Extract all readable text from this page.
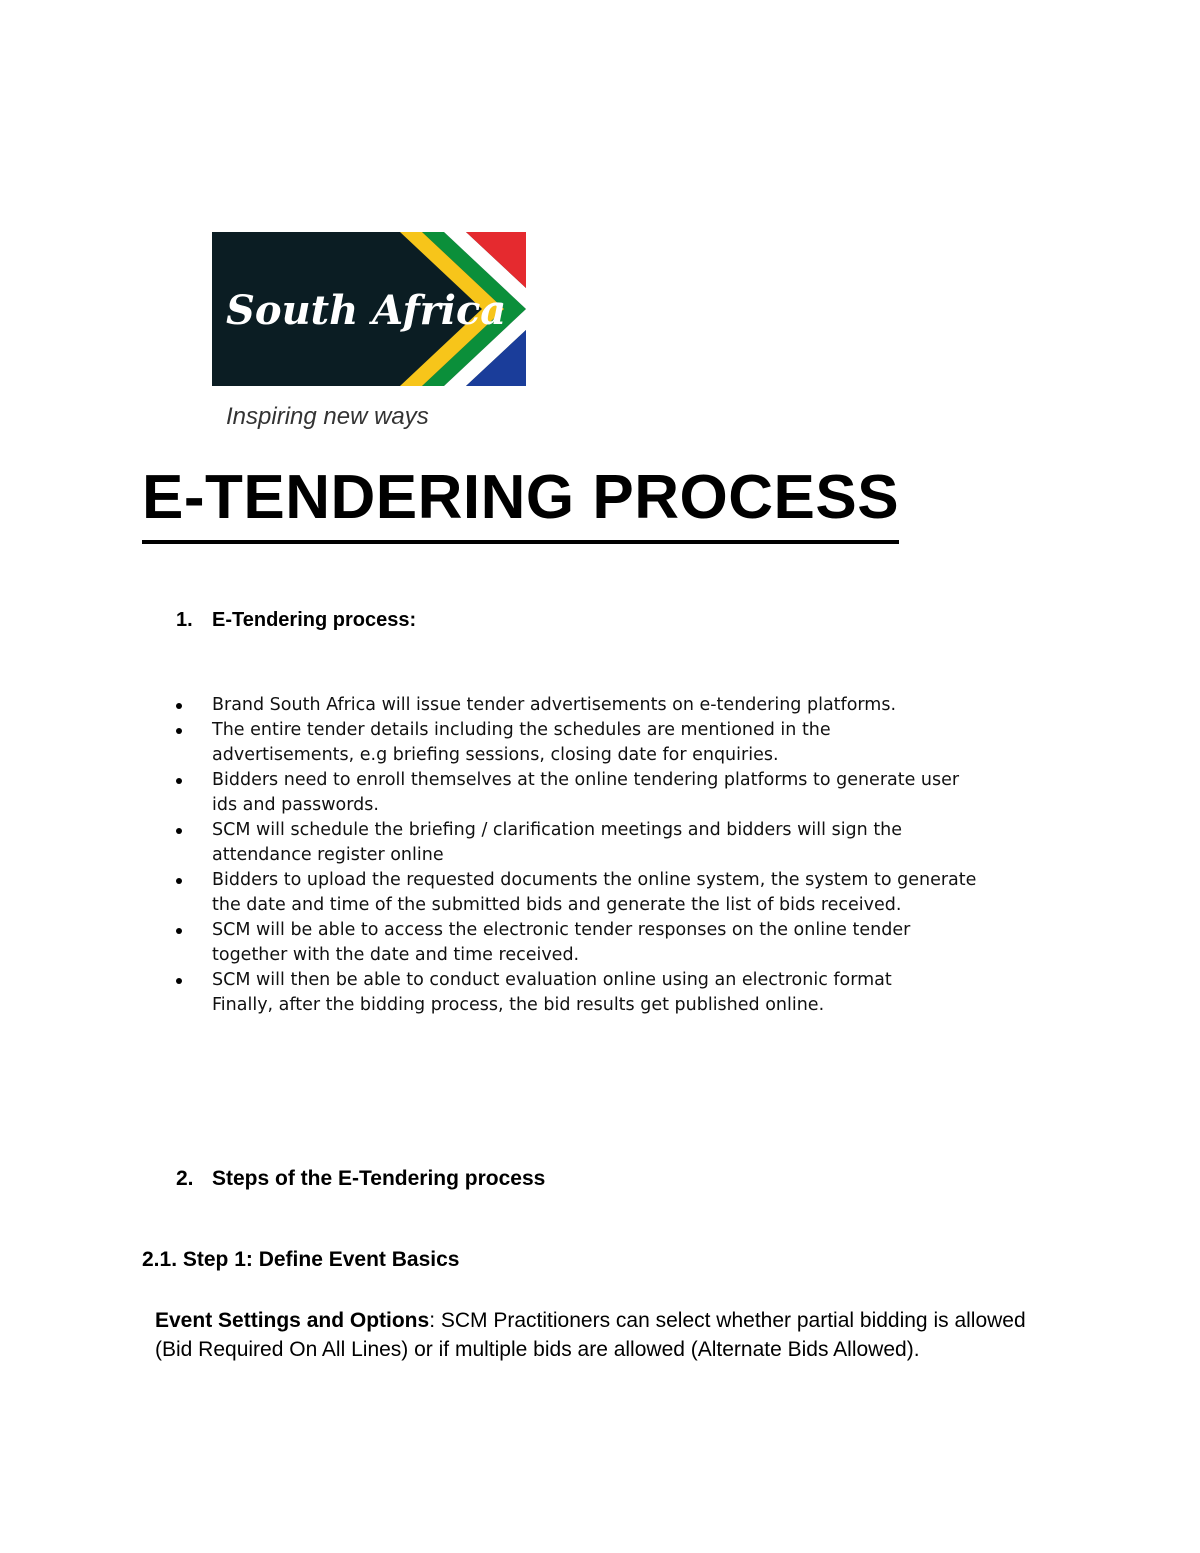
South Africa
Inspiring new ways
E-TENDERING PROCESS
1. E-Tendering process:
Brand South Africa will issue tender advertisements on e-tendering platforms.
The entire tender details including the schedules are mentioned in the
advertisements, e.g briefing sessions, closing date for enquiries.
Bidders need to enroll themselves at the online tendering platforms to generate user
ids and passwords.
SCM will schedule the briefing / clarification meetings and bidders will sign the
attendance register online
Bidders to upload the requested documents the online system, the system to generate
the date and time of the submitted bids and generate the list of bids received.
SCM will be able to access the electronic tender responses on the online tender
together with the date and time received.
SCM will then be able to conduct evaluation online using an electronic format
Finally, after the bidding process, the bid results get published online.
2. Steps of the E-Tendering process
2.1. Step 1: Define Event Basics
Event Settings and Options: SCM Practitioners can select whether partial bidding is allowed
(Bid Required On All Lines) or if multiple bids are allowed (Alternate Bids Allowed).
